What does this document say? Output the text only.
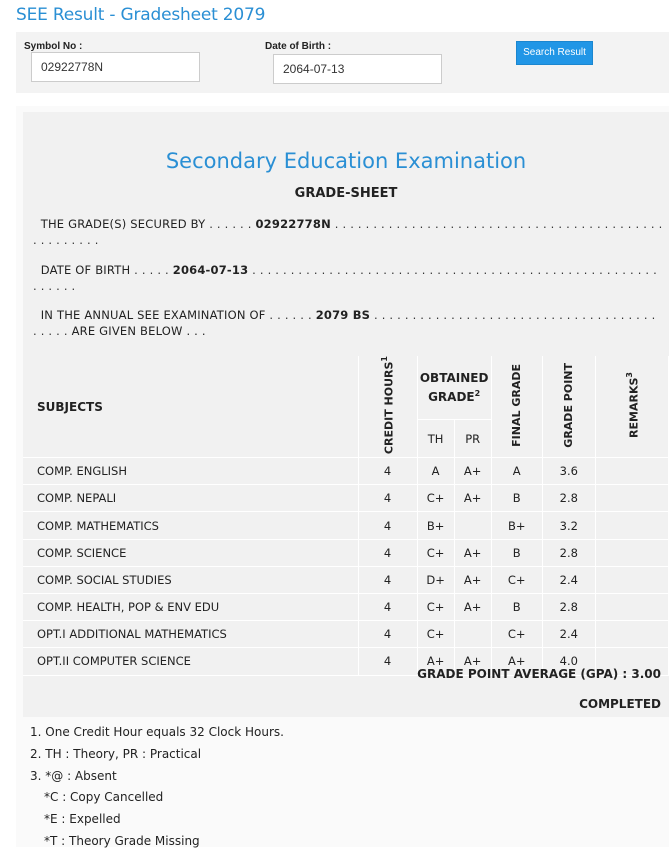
SEE Result - Gradesheet 2079
Symbol No :
02922778N
Date of Birth :
2064-07-13
Search Result
Secondary Education Examination
GRADE-SHEET
THE GRADE(S) SECURED BY . . . . . . 02922778N . . . . . . . . . . . . . . . . . . . . . . . . . . . . . . . . . . . . . . . . . . . . . . . . . . . .
DATE OF BIRTH . . . . . 2064-07-13 . . . . . . . . . . . . . . . . . . . . . . . . . . . . . . . . . . . . . . . . . . . . . . . . . . . . . . . . . . .
IN THE ANNUAL SEE EXAMINATION OF . . . . . . 2079 BS . . . . . . . . . . . . . . . . . . . . . . . . . . . . . . . . . . . . . . . . . . ARE GIVEN BELOW . . .
SUBJECTS	CREDIT HOURS$^1$	OBTAINED GRADE$^2$		FINAL GRADE	GRADE POINT	REMARKS$^3$
		TH	PR			
COMP. ENGLISH	4	A	A+	A	3.6	
COMP. NEPALI	4	C+	A+	B	2.8	
COMP. MATHEMATICS	4	B+		B+	3.2	
COMP. SCIENCE	4	C+	A+	B	2.8	
COMP. SOCIAL STUDIES	4	D+	A+	C+	2.4	
COMP. HEALTH, POP & ENV EDU	4	C+	A+	B	2.8	
OPT.I ADDITIONAL MATHEMATICS	4	C+		C+	2.4	
OPT.II COMPUTER SCIENCE	4	A+	A+	A+	4.0	
GRADE POINT AVERAGE (GPA) : 3.00
COMPLETED
1. One Credit Hour equals 32 Clock Hours.
2. TH : Theory, PR : Practical
3. *@ : Absent
*C : Copy Cancelled
*E : Expelled
*T : Theory Grade Missing
